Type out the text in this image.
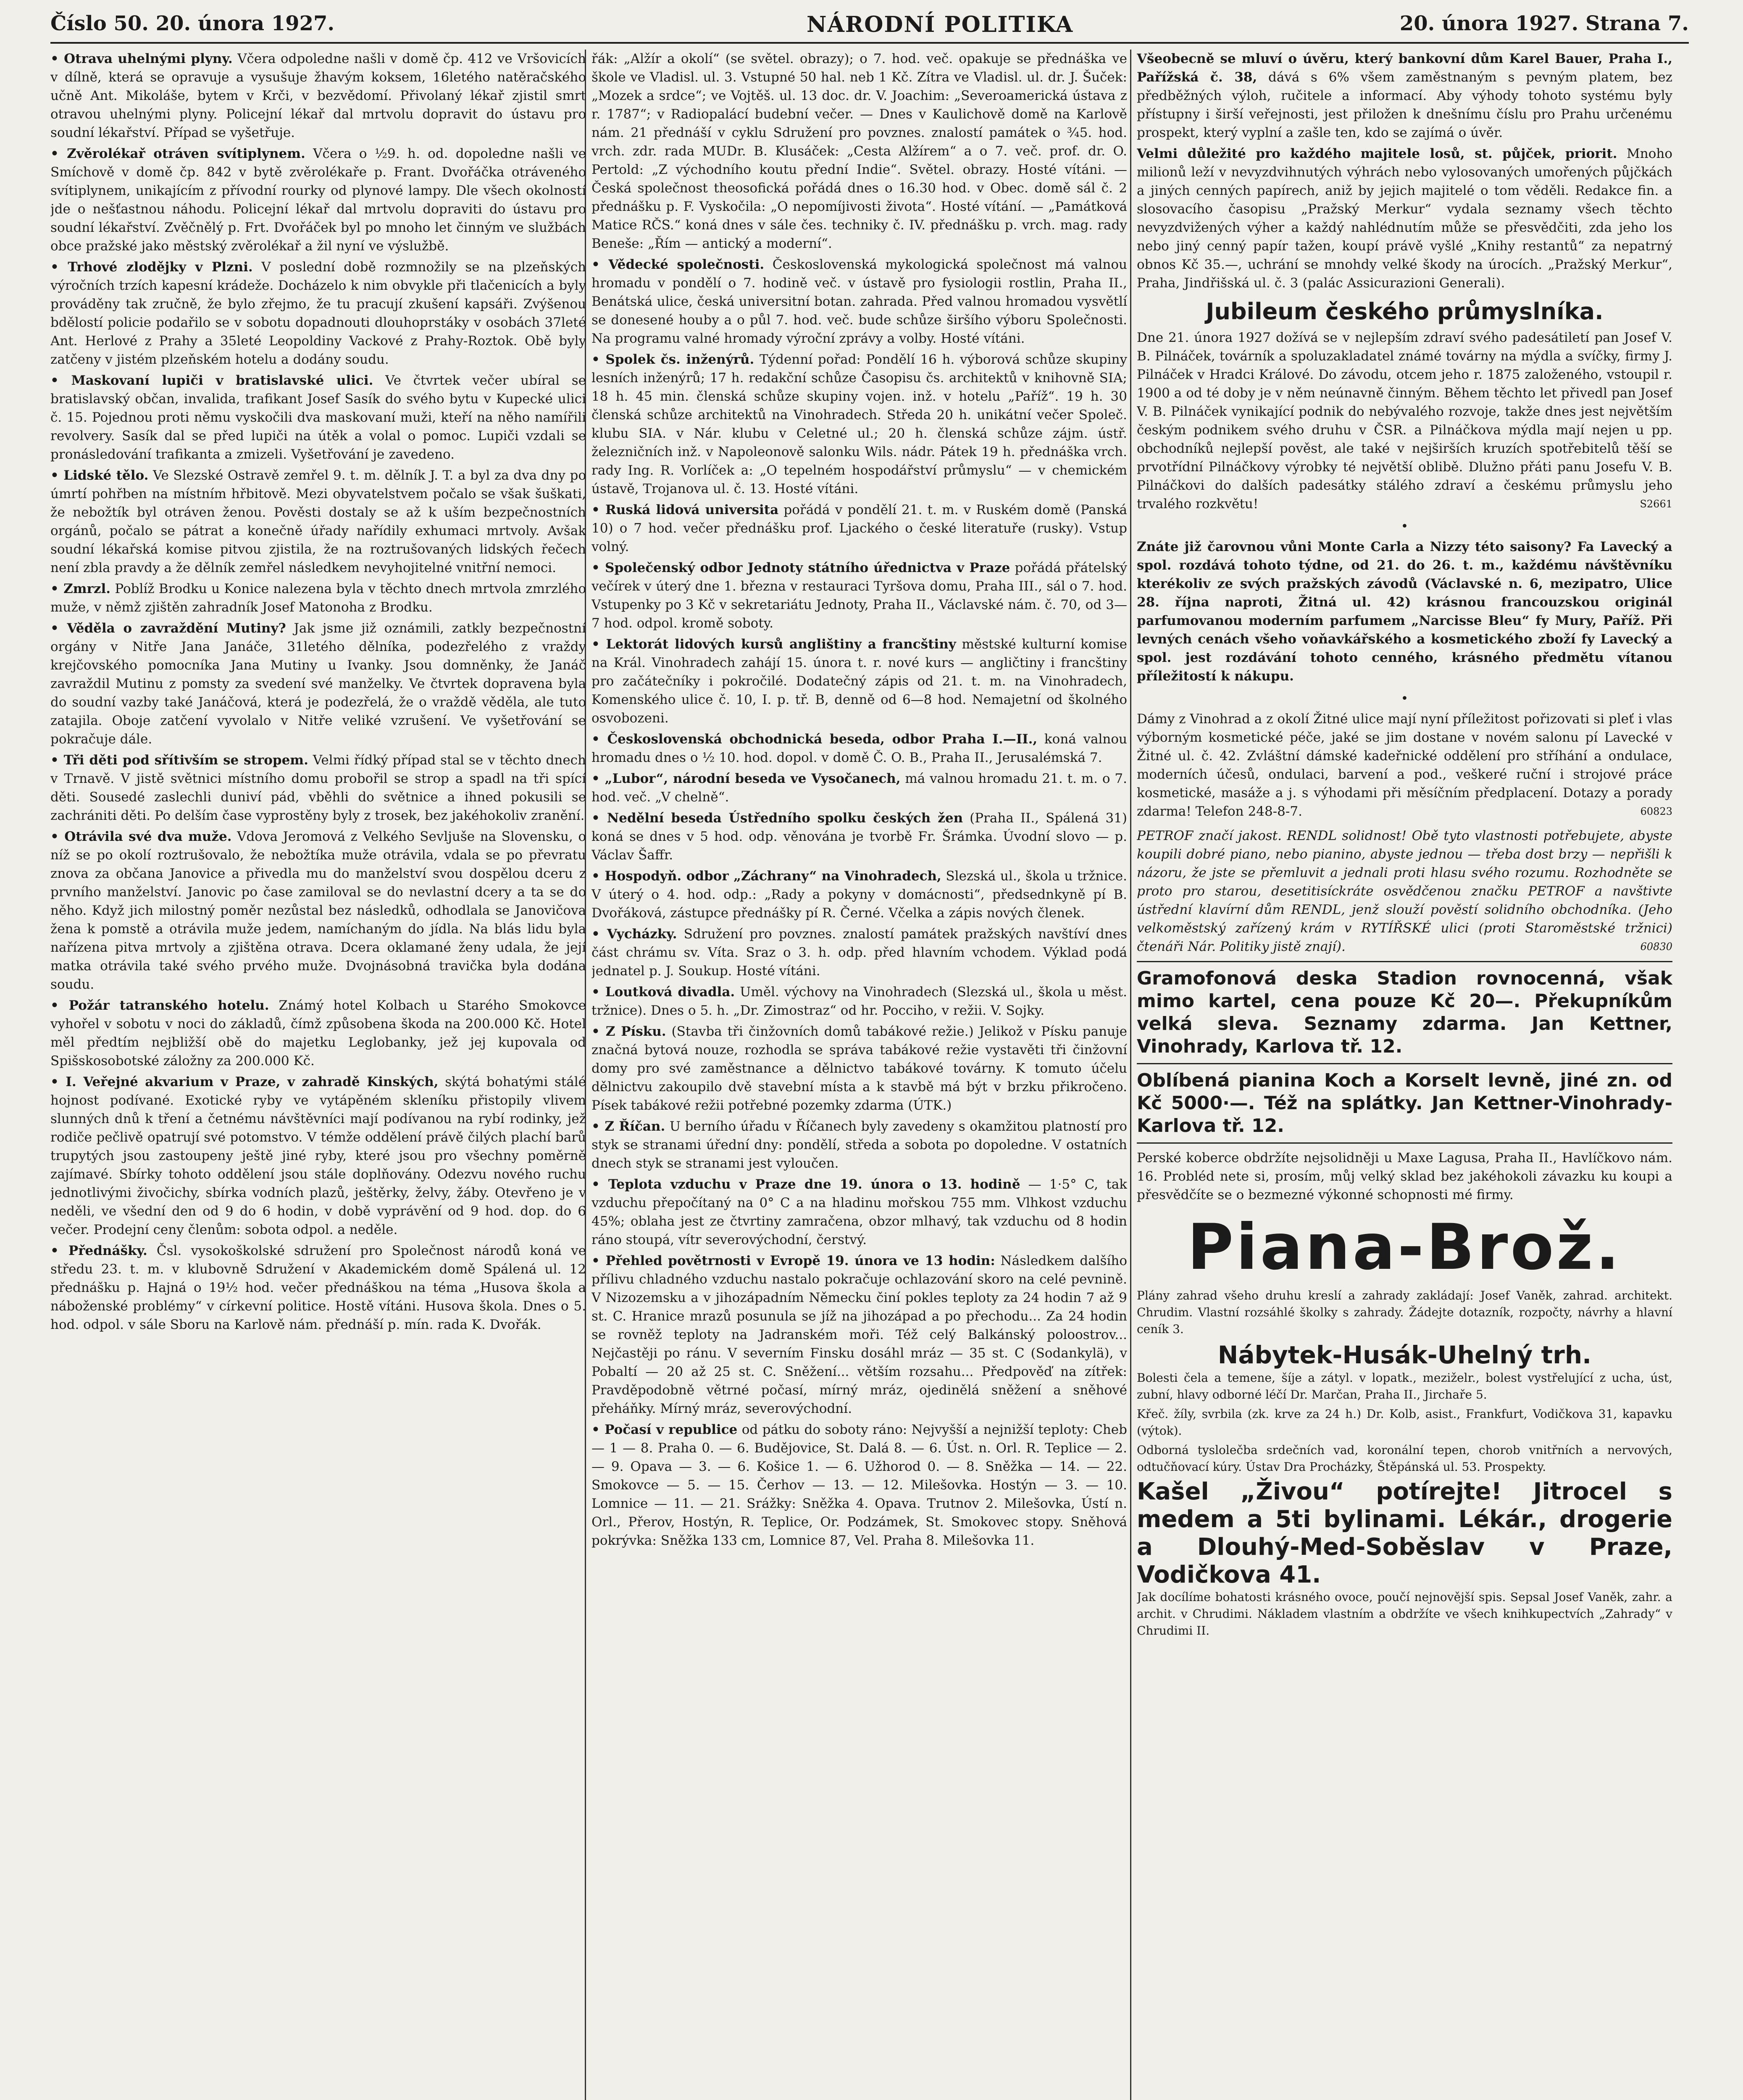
Číslo 50. 20. února 1927.	NÁRODNÍ POLITIKA	20. února 1927. Strana 7.
• Otrava uhelnými plyny. Včera odpoledne našli v domě čp. 412 ve Vršovicích v dílně, která se opravuje a vysušuje žhavým koksem, 16letého natěračského učně Ant. Mikoláše, bytem v Krči, v bezvědomí. Přivolaný lékař zjistil smrt otravou uhelnými plyny. Policejní lékař dal mrtvolu dopravit do ústavu pro soudní lékařství. Případ se vyšetřuje.
• Zvěrolékař otráven svítiplynem. Včera o ½9. h. od. dopoledne našli ve Smíchově v domě čp. 842 v bytě zvěrolékaře p. Frant. Dvořáčka otráveného svítiplynem, unikajícím z přívodní rourky od plynové lampy. Dle všech okolností jde o nešťastnou náhodu. Policejní lékař dal mrtvolu dopraviti do ústavu pro soudní lékařství. Zvěčnělý p. Frt. Dvořáček byl po mnoho let činným ve službách obce pražské jako městský zvěrolékař a žil nyní ve výslužbě.
• Trhové zlodějky v Plzni. V poslední době rozmnožily se na plzeňských výročních trzích kapesní krádeže. Docházelo k nim obvykle při tlačenicích a byly prováděny tak zručně, že bylo zřejmo, že tu pracují zkušení kapsáři. Zvýšenou bdělostí policie podařilo se v sobotu dopadnouti dlouhoprstáky v osobách 37leté Ant. Herlové z Prahy a 35leté Leopoldiny Vackové z Prahy-Roztok. Obě byly zatčeny v jistém plzeňském hotelu a dodány soudu.
• Maskovaní lupiči v bratislavské ulici. Ve čtvrtek večer ubíral se bratislavský občan, invalida, trafikant Josef Sasík do svého bytu v Kupecké ulici č. 15. Pojednou proti němu vyskočili dva maskovaní muži, kteří na něho namířili revolvery. Sasík dal se před lupiči na útěk a volal o pomoc. Lupiči vzdali se pronásledování trafikanta a zmizeli. Vyšetřování je zavedeno.
• Lidské tělo. Ve Slezské Ostravě zemřel 9. t. m. dělník J. T. a byl za dva dny po úmrtí pohřben na místním hřbitově. Mezi obyvatelstvem počalo se však šuškati, že nebožtík byl otráven ženou. Pověsti dostaly se až k uším bezpečnostních orgánů, počalo se pátrat a konečně úřady nařídily exhumaci mrtvoly. Avšak soudní lékařská komise pitvou zjistila, že na roztrušovaných lidských řečech není zbla pravdy a že dělník zemřel následkem nevyhojitelné vnitřní nemoci.
• Zmrzl. Poblíž Brodku u Konice nalezena byla v těchto dnech mrtvola zmrzlého muže, v němž zjištěn zahradník Josef Matonoha z Brodku.
• Věděla o zavraždění Mutiny? Jak jsme již oznámili, zatkly bezpečnostní orgány v Nitře Jana Janáče, 31letého dělníka, podezřelého z vraždy krejčovského pomocníka Jana Mutiny u Ivanky. Jsou domněnky, že Janáč zavraždil Mutinu z pomsty za svedení své manželky. Ve čtvrtek dopravena byla do soudní vazby také Janáčová, která je podezřelá, že o vraždě věděla, ale tuto zatajila. Oboje zatčení vyvolalo v Nitře veliké vzrušení. Ve vyšetřování se pokračuje dále.
• Tři děti pod sřítivším se stropem. Velmi řídký případ stal se v těchto dnech v Trnavě. V jistě světnici místního domu probořil se strop a spadl na tři spící děti. Sousedé zaslechli duniví pád, vběhli do světnice a ihned pokusili se zachrániti děti. Po delším čase vyprostěny byly z trosek, bez jakéhokoliv zranění.
• Otrávila své dva muže. Vdova Jeromová z Velkého Sevljuše na Slovensku, o níž se po okolí roztrušovalo, že nebožtíka muže otrávila, vdala se po převratu znova za občana Janovice a přivedla mu do manželství svou dospělou dceru z prvního manželství. Janovic po čase zamiloval se do nevlastní dcery a ta se do něho. Když jich milostný poměr nezůstal bez následků, odhodlala se Janovičova žena k pomstě a otrávila muže jedem, namíchaným do jídla. Na blás lidu byla nařízena pitva mrtvoly a zjištěna otrava. Dcera oklamané ženy udala, že její matka otrávila také svého prvého muže. Dvojnásobná travička byla dodána soudu.
• Požár tatranského hotelu. Známý hotel Kolbach u Starého Smokovce vyhořel v sobotu v noci do základů, čímž způsobena škoda na 200.000 Kč. Hotel měl předtím nejbližší obě do majetku Leglobanky, jež jej kupovala od Spišskosobotské záložny za 200.000 Kč.
• I. Veřejné akvarium v Praze, v zahradě Kinských, skýtá bohatými stálé hojnost podívané. Exotické ryby ve vytápěném skleníku přistopily vlivem slunných dnů k tření a četnému návštěvníci mají podívanou na rybí rodinky, jež rodiče pečlivě opatrují své potomstvo. V témže oddělení právě čilých plachí barů trupytých jsou zastoupeny ještě jiné ryby, které jsou pro všechny poměrně zajímavé. Sbírky tohoto oddělení jsou stále doplňovány. Odezvu nového ruchu jednotlivými živočichy, sbírka vodních plazů, ještěrky, želvy, žáby. Otevřeno je v neděli, ve všední den od 9 do 6 hodin, v době vyprávění od 9 hod. dop. do 6 večer. Prodejní ceny členům: sobota odpol. a neděle.
• Přednášky. Čsl. vysokoškolské sdružení pro Společnost národů koná ve středu 23. t. m. v klubovně Sdružení v Akademickém domě Spálená ul. 12 přednášku p. Hajná o 19½ hod. večer přednáškou na téma „Husova škola a náboženské problémy“ v církevní politice. Hostě vítáni. Husova škola. Dnes o 5. hod. odpol. v sále Sboru na Karlově nám. přednáší p. mín. rada K. Dvořák.
řák: „Alžír a okolí“ (se světel. obrazy); o 7. hod. več. opakuje se přednáška ve škole ve Vladisl. ul. 3. Vstupné 50 hal. neb 1 Kč. Zítra ve Vladisl. ul. dr. J. Šuček: „Mozek a srdce“; ve Vojtěš. ul. 13 doc. dr. V. Joachim: „Severoamerická ústava z r. 1787“; v Radiopalácí budební večer. — Dnes v Kaulichově domě na Karlově nám. 21 přednáší v cyklu Sdružení pro povznes. znalostí památek o ¾5. hod. vrch. zdr. rada MUDr. B. Klusáček: „Cesta Alžírem“ a o 7. več. prof. dr. O. Pertold: „Z východního koutu přední Indie“. Světel. obrazy. Hosté vítáni. — Česká společnost theosofická pořádá dnes o 16.30 hod. v Obec. domě sál č. 2 přednášku p. F. Vyskočila: „O nepomíjivosti života“. Hosté vítání. — „Památková Matice RČS.“ koná dnes v sále čes. techniky č. IV. přednášku p. vrch. mag. rady Beneše: „Řím — antický a moderní“.
• Vědecké společnosti. Československá mykologická společnost má valnou hromadu v pondělí o 7. hodině več. v ústavě pro fysiologii rostlin, Praha II., Benátská ulice, česká universitní botan. zahrada. Před valnou hromadou vysvětlí se donesené houby a o půl 7. hod. več. bude schůze širšího výboru Společnosti. Na programu valné hromady výroční zprávy a volby. Hosté vítáni.
• Spolek čs. inženýrů. Týdenní pořad: Pondělí 16 h. výborová schůze skupiny lesních inženýrů; 17 h. redakční schůze Časopisu čs. architektů v knihovně SIA; 18 h. 45 min. členská schůze skupiny vojen. inž. v hotelu „Paříž“. 19 h. 30 členská schůze architektů na Vinohradech. Středa 20 h. unikátní večer Společ. klubu SIA. v Nár. klubu v Celetné ul.; 20 h. členská schůze zájm. ústř. železničních inž. v Napoleonově salonku Wils. nádr. Pátek 19 h. přednáška vrch. rady Ing. R. Vorlíček a: „O tepelném hospodářství průmyslu“ — v chemickém ústavě, Trojanova ul. č. 13. Hosté vítáni.
• Ruská lidová universita pořádá v pondělí 21. t. m. v Ruském domě (Panská 10) o 7 hod. večer přednášku prof. Ljackého o české literatuře (rusky). Vstup volný.
• Společenský odbor Jednoty státního úřednictva v Praze pořádá přátelský večírek v úterý dne 1. března v restauraci Tyršova domu, Praha III., sál o 7. hod. Vstupenky po 3 Kč v sekretariátu Jednoty, Praha II., Václavské nám. č. 70, od 3—7 hod. odpol. kromě soboty.
• Lektorát lidových kursů anglištiny a francštiny městské kulturní komise na Král. Vinohradech zahájí 15. února t. r. nové kurs — angličtiny i francštiny pro začátečníky i pokročilé. Dodatečný zápis od 21. t. m. na Vinohradech, Komenského ulice č. 10, I. p. tř. B, denně od 6—8 hod. Nemajetní od školného osvobozeni.
• Československá obchodnická beseda, odbor Praha I.—II., koná valnou hromadu dnes o ½ 10. hod. dopol. v domě Č. O. B., Praha II., Jerusalémská 7.
• „Lubor“, národní beseda ve Vysočanech, má valnou hromadu 21. t. m. o 7. hod. več. „V chelně“.
• Nedělní beseda Ústředního spolku českých žen (Praha II., Spálená 31) koná se dnes v 5 hod. odp. věnována je tvorbě Fr. Šrámka. Úvodní slovo — p. Václav Šaffr.
• Hospodyň. odbor „Záchrany“ na Vinohradech, Slezská ul., škola u tržnice. V úterý o 4. hod. odp.: „Rady a pokyny v domácnosti“, předsednkyně pí B. Dvořáková, zástupce přednášky pí R. Černé. Včelka a zápis nových členek.
• Vycházky. Sdružení pro povznes. znalostí památek pražských navštíví dnes část chrámu sv. Víta. Sraz o 3. h. odp. před hlavním vchodem. Výklad podá jednatel p. J. Soukup. Hosté vítáni.
• Loutková divadla. Uměl. výchovy na Vinohradech (Slezská ul., škola u měst. tržnice). Dnes o 5. h. „Dr. Zimostraz“ od hr. Pocciho, v režii. V. Sojky.
• Z Písku. (Stavba tři činžovních domů tabákové režie.) Jelikož v Písku panuje značná bytová nouze, rozhodla se správa tabákové režie vystavěti tři činžovní domy pro své zaměstnance a dělnictvo tabákové továrny. K tomuto účelu dělnictvu zakoupilo dvě stavební místa a k stavbě má být v brzku přikročeno. Písek tabákové režii potřebné pozemky zdarma (ÚTK.)
• Z Říčan. U berního úřadu v Říčanech byly zavedeny s okamžitou platností pro styk se stranami úřední dny: pondělí, středa a sobota po dopoledne. V ostatních dnech styk se stranami jest vyloučen.
• Teplota vzduchu v Praze dne 19. února o 13. hodině — 1·5° C, tak vzduchu přepočítaný na 0° C a na hladinu mořskou 755 mm. Vlhkost vzduchu 45%; oblaha jest ze čtvrtiny zamračena, obzor mlhavý, tak vzduchu od 8 hodin ráno stoupá, vítr severovýchodní, čerstvý.
• Přehled povětrnosti v Evropě 19. února ve 13 hodin: Následkem dalšího přílivu chladného vzduchu nastalo pokračuje ochlazování skoro na celé pevnině. V Nizozemsku a v jihozápadním Německu činí pokles teploty za 24 hodin 7 až 9 st. C. Hranice mrazů posunula se jíž na jihozápad a po přechodu... Za 24 hodin se rovněž teploty na Jadranském moři. Též celý Balkánský poloostrov... Nejčastěji po ránu. V severním Finsku dosáhl mráz — 35 st. C (Sodankylä), v Pobaltí — 20 až 25 st. C. Sněžení... větším rozsahu... Předpověď na zítřek: Pravděpodobně větrné počasí, mírný mráz, ojedinělá sněžení a sněhové přeháňky. Mírný mráz, severovýchodní.
• Počasí v republice od pátku do soboty ráno: Nejvyšší a nejnižší teploty: Cheb — 1 — 8. Praha 0. — 6. Budějovice, St. Dalá 8. — 6. Úst. n. Orl. R. Teplice — 2. — 9. Opava — 3. — 6. Košice 1. — 6. Užhorod 0. — 8. Sněžka — 14. — 22. Smokovce — 5. — 15. Čerhov — 13. — 12. Milešovka. Hostýn — 3. — 10. Lomnice — 11. — 21. Srážky: Sněžka 4. Opava. Trutnov 2. Milešovka, Ústí n. Orl., Přerov, Hostýn, R. Teplice, Or. Podzámek, St. Smokovec stopy. Sněhová pokrývka: Sněžka 133 cm, Lomnice 87, Vel. Praha 8. Milešovka 11.
Všeobecně se mluví o úvěru, který bankovní dům Karel Bauer, Praha I., Pařížská č. 38, dává s 6% všem zaměstnaným s pevným platem, bez předběžných výloh, ručitele a informací. Aby výhody tohoto systému byly přístupny i širší veřejnosti, jest přiložen k dnešnímu číslu pro Prahu určenému prospekt, který vyplní a zašle ten, kdo se zajímá o úvěr.
Velmi důležité pro každého majitele losů, st. půjček, priorit. Mnoho milionů leží v nevyzdvihnutých výhrách nebo vylosovaných umořených půjčkách a jiných cenných papírech, aniž by jejich majitelé o tom věděli. Redakce fin. a slosovacího časopisu „Pražský Merkur“ vydala seznamy všech těchto nevyzdvižených výher a každý nahlédnutím může se přesvědčiti, zda jeho los nebo jiný cenný papír tažen, koupí právě vyšlé „Knihy restantů“ za nepatrný obnos Kč 35.—, uchrání se mnohdy velké škody na úrocích. „Pražský Merkur“, Praha, Jindřišská ul. č. 3 (palác Assicurazioni Generali).
Jubileum českého průmyslníka.
Dne 21. února 1927 dožívá se v nejlepším zdraví svého padesátiletí pan Josef V. B. Pilnáček, továrník a spoluzakladatel známé továrny na mýdla a svíčky, firmy J. Pilnáček v Hradci Králové. Do závodu, otcem jeho r. 1875 založeného, vstoupil r. 1900 a od té doby je v něm neúnavně činným. Během těchto let přivedl pan Josef V. B. Pilnáček vynikající podnik do nebývalého rozvoje, takže dnes jest největším českým podnikem svého druhu v ČSR. a Pilnáčkova mýdla mají nejen u pp. obchodníků nejlepší pověst, ale také v nejširších kruzích spotřebitelů těší se prvotřídní Pilnáčkovy výrobky té největší oblibě. Dlužno přáti panu Josefu V. B. Pilnáčkovi do dalších padesátky stálého zdraví a českému průmyslu jeho trvalého rozkvětu!	S2661
•
Znáte již čarovnou vůni Monte Carla a Nizzy této saisony? Fa Lavecký a spol. rozdává tohoto týdne, od 21. do 26. t. m., každému návštěvníku kterékoliv ze svých pražských závodů (Václavské n. 6, mezipatro, Ulice 28. října naproti, Žitná ul. 42) krásnou francouzskou originál parfumovanou moderním parfumem „Narcisse Bleu“ fy Mury, Paříž. Při levných cenách všeho voňavkářského a kosmetického zboží fy Lavecký a spol. jest rozdávání tohoto cenného, krásného předmětu vítanou příležitostí k nákupu.
•
Dámy z Vinohrad a z okolí Žitné ulice mají nyní příležitost pořizovati si pleť i vlas výborným kosmetické péče, jaké se jim dostane v novém salonu pí Lavecké v Žitné ul. č. 42. Zvláštní dámské kadeřnické oddělení pro stříhání a ondulace, moderních účesů, ondulaci, barvení a pod., veškeré ruční i strojové práce kosmetické, masáže a j. s výhodami při měsíčním předplacení. Dotazy a porady zdarma! Telefon 248-8-7.	60823
PETROF značí jakost. RENDL solidnost! Obě tyto vlastnosti potřebujete, abyste koupili dobré piano, nebo pianino, abyste jednou — třeba dost brzy — nepřišli k názoru, že jste se přemluvit a jednali proti hlasu svého rozumu. Rozhodněte se proto pro starou, desetitisíckráte osvědčenou značku PETROF a navštivte ústřední klavírní dům RENDL, jenž slouží pověstí solidního obchodníka. (Jeho velkoměstský zařízený krám v RYTÍŘSKÉ ulici (proti Staroměstské tržnici) čtenáři Nár. Politiky jistě znají).	60830
Gramofonová deska Stadion rovnocenná, však mimo kartel, cena pouze Kč 20—. Překupníkům velká sleva. Seznamy zdarma. Jan Kettner, Vinohrady, Karlova tř. 12.
Oblíbená pianina Koch a Korselt levně, jiné zn. od Kč 5000·—. Též na splátky. Jan Kettner-Vinohrady-Karlova tř. 12.
Perské koberce obdržíte nejsolidněji u Maxe Lagusa, Praha II., Havlíčkovo nám. 16. Probléd nete si, prosím, můj velký sklad bez jakéhokoli závazku ku koupi a přesvědčíte se o bezmezné výkonné schopnosti mé firmy.
Piana-Brož.
Plány zahrad všeho druhu kreslí a zahrady zakládají: Josef Vaněk, zahrad. architekt. Chrudim. Vlastní rozsáhlé školky s zahrady. Žádejte dotazník, rozpočty, návrhy a hlavní ceník 3.
Nábytek-Husák-Uhelný trh.
Bolesti čela a temene, šíje a zátyl. v lopatk., meziželr., bolest vystřelující z ucha, úst, zubní, hlavy odborné léčí Dr. Marčan, Praha II., Jirchaře 5.
Křeč. žíly, svrbila (zk. krve za 24 h.) Dr. Kolb, asist., Frankfurt, Vodičkova 31, kapavku (výtok).
Odborná tyslolečba srdečních vad, koronální tepen, chorob vnitřních a nervových, odtučňovací kúry. Ústav Dra Procházky, Štěpánská ul. 53. Prospekty.
Kašel „Živou“ potírejte! Jitrocel s medem a 5ti bylinami. Lékár., drogerie a Dlouhý-Med-Soběslav v Praze, Vodičkova 41.
Jak docílíme bohatosti krásného ovoce, poučí nejnovější spis. Sepsal Josef Vaněk, zahr. a archit. v Chrudimi. Nákladem vlastním a obdržíte ve všech knihkupectvích „Zahrady“ v Chrudimi II.
